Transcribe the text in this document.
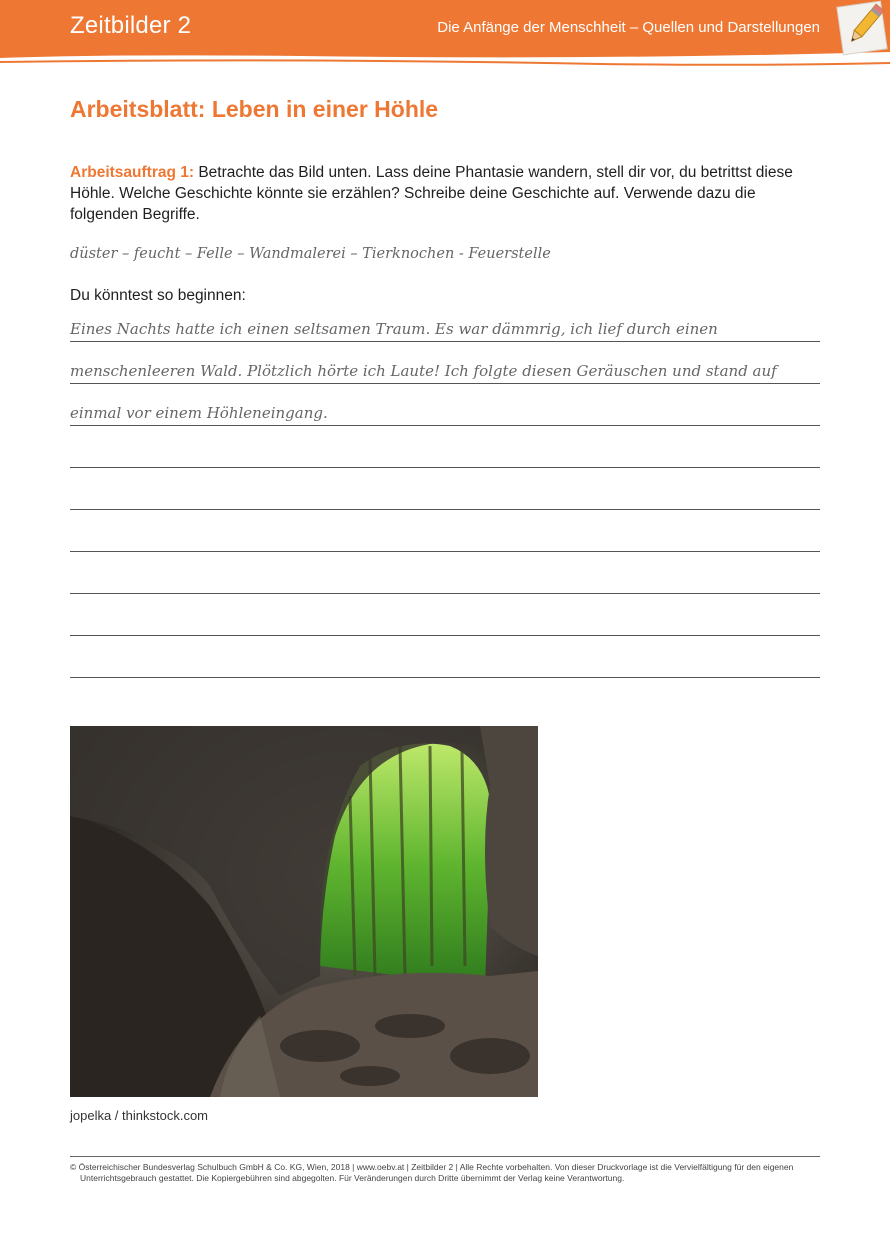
Zeitbilder 2	Die Anfänge der Menschheit – Quellen und Darstellungen
Arbeitsblatt: Leben in einer Höhle
Arbeitsauftrag 1: Betrachte das Bild unten. Lass deine Phantasie wandern, stell dir vor, du betrittst diese Höhle. Welche Geschichte könnte sie erzählen? Schreibe deine Geschichte auf. Verwende dazu die folgenden Begriffe.
düster – feucht – Felle – Wandmalerei – Tierknochen - Feuerstelle
Du könntest so beginnen:
Eines Nachts hatte ich einen seltsamen Traum. Es war dämmrig, ich lief durch einen
menschenleeren Wald. Plötzlich hörte ich Laute! Ich folgte diesen Geräuschen und stand auf
einmal vor einem Höhleneingang.
jopelka / thinkstock.com
© Österreichischer Bundesverlag Schulbuch GmbH & Co. KG, Wien, 2018 | www.oebv.at | Zeitbilder 2 | Alle Rechte vorbehalten. Von dieser Druckvorlage ist die Vervielfältigung für den eigenen
Unterrichtsgebrauch gestattet. Die Kopiergebühren sind abgegolten. Für Veränderungen durch Dritte übernimmt der Verlag keine Verantwortung.
